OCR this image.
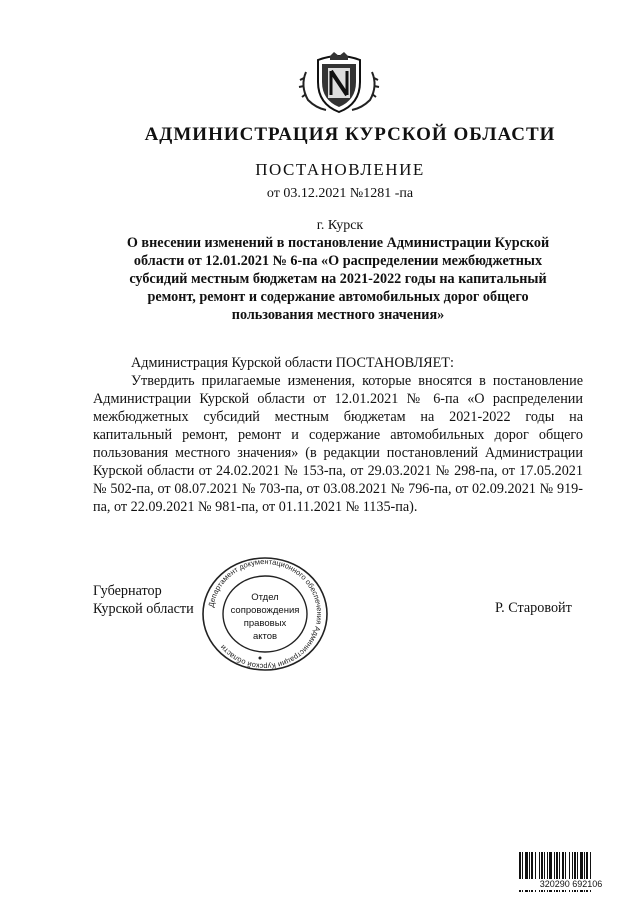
АДМИНИСТРАЦИЯ КУРСКОЙ ОБЛАСТИ
ПОСТАНОВЛЕНИЕ
от 03.12.2021 №1281 -па
г. Курск
О внесении изменений в постановление Администрации Курской
области от 12.01.2021 № 6-па «О распределении межбюджетных
субсидий местным бюджетам на 2021-2022 годы на капитальный
ремонт, ремонт и содержание автомобильных дорог общего
пользования местного значения»

Администрация Курской области ПОСТАНОВЛЯЕТ:

Утвердить прилагаемые изменения, которые вносятся в постановление Администрации Курской области от 12.01.2021 № 6-па «О распределении межбюджетных субсидий местным бюджетам на 2021-2022 годы на капитальный ремонт, ремонт и содержание автомобильных дорог общего пользования местного значения» (в редакции постановлений Администрации Курской области от 24.02.2021 № 153-па, от 29.03.2021 № 298-па, от 17.05.2021 № 502-па, от 08.07.2021 № 703-па, от 03.08.2021 № 796-па, от 02.09.2021 № 919-па, от 22.09.2021 № 981-па, от 01.11.2021 № 1135-па).

Губернатор
Курской области Департамент документационного обеспечения Администрации Курской области
Отдел
сопровождения
правовых
актов
Р. Старовойт
320290 692106
